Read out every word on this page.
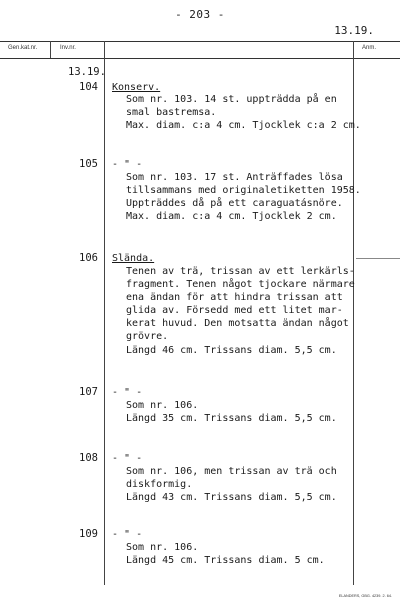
- 203 -
13.19.
Gen.kat.nr.	Inv.nr.	Anm.
13.19.
104 Konserv.
Som nr. 103. 14 st. uppträdda på en
smal bastremsa.
Max. diam. c:a 4 cm. Tjocklek c:a 2 cm.
105 - " -
Som nr. 103. 17 st. Anträffades lösa
tillsammans med originaletiketten 1958.
Uppträddes då på ett caraguatásnöre.
Max. diam. c:a 4 cm. Tjocklek 2 cm.
106 Slända.
Tenen av trä, trissan av ett lerkärls-
fragment. Tenen något tjockare närmare
ena ändan för att hindra trissan att
glida av. Försedd med ett litet mar-
kerat huvud. Den motsatta ändan något
grövre.
Längd 46 cm. Trissans diam. 5,5 cm.
107 - " -
Som nr. 106.
Längd 35 cm. Trissans diam. 5,5 cm.
108 - " -
Som nr. 106, men trissan av trä och
diskformig.
Längd 43 cm. Trissans diam. 5,5 cm.
109 - " -
Som nr. 106.
Längd 45 cm. Trissans diam. 5 cm.
ELANDERS, GBG. 4239. 2. 64.
